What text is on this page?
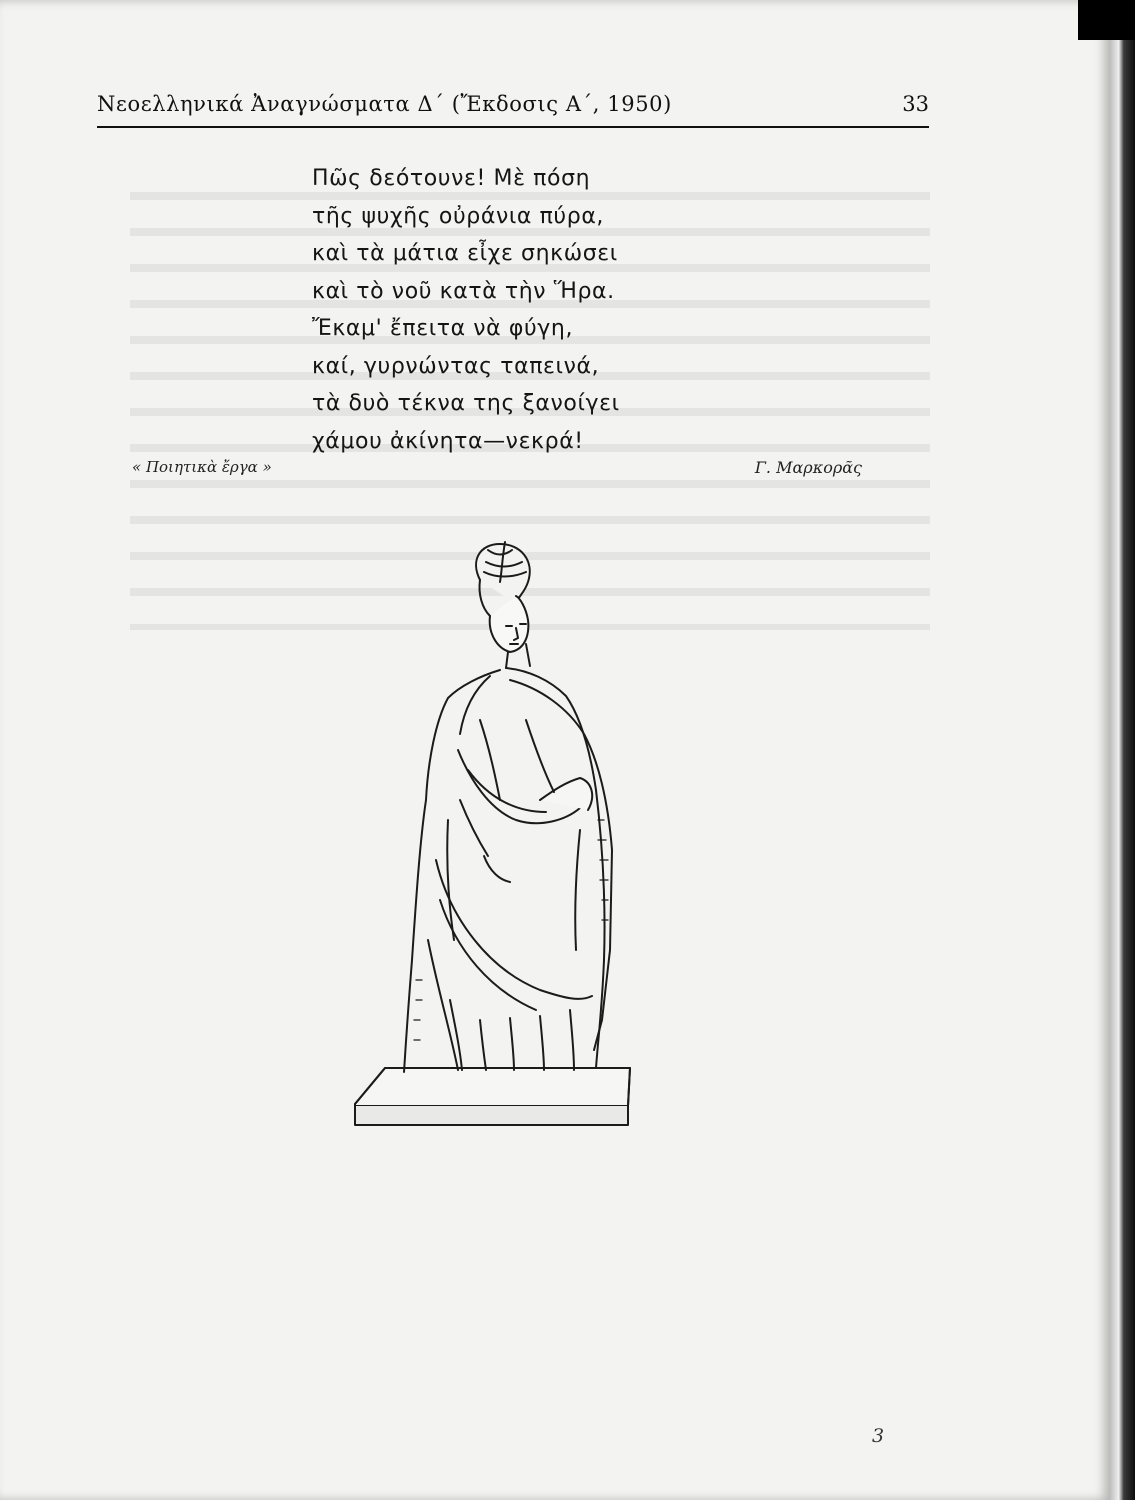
Νεοελληνικά Ἀναγνώσματα Δ΄ (Ἔκδοσις Α΄, 1950)	33
Πῶς δεότουνε! Μὲ πόση
τῆς ψυχῆς οὐράνια πύρα,
καὶ τὰ μάτια εἶχε σηκώσει
καὶ τὸ νοῦ κατὰ τὴν Ἥρα.
Ἔκαμ' ἔπειτα νὰ φύγη,
καί, γυρνώντας ταπεινά,
τὰ δυὸ τέκνα της ξανοίγει
χάμου ἀκίνητα—νεκρά!
« Ποιητικὰ ἔργα »	Γ. Μαρκορᾶς
3
